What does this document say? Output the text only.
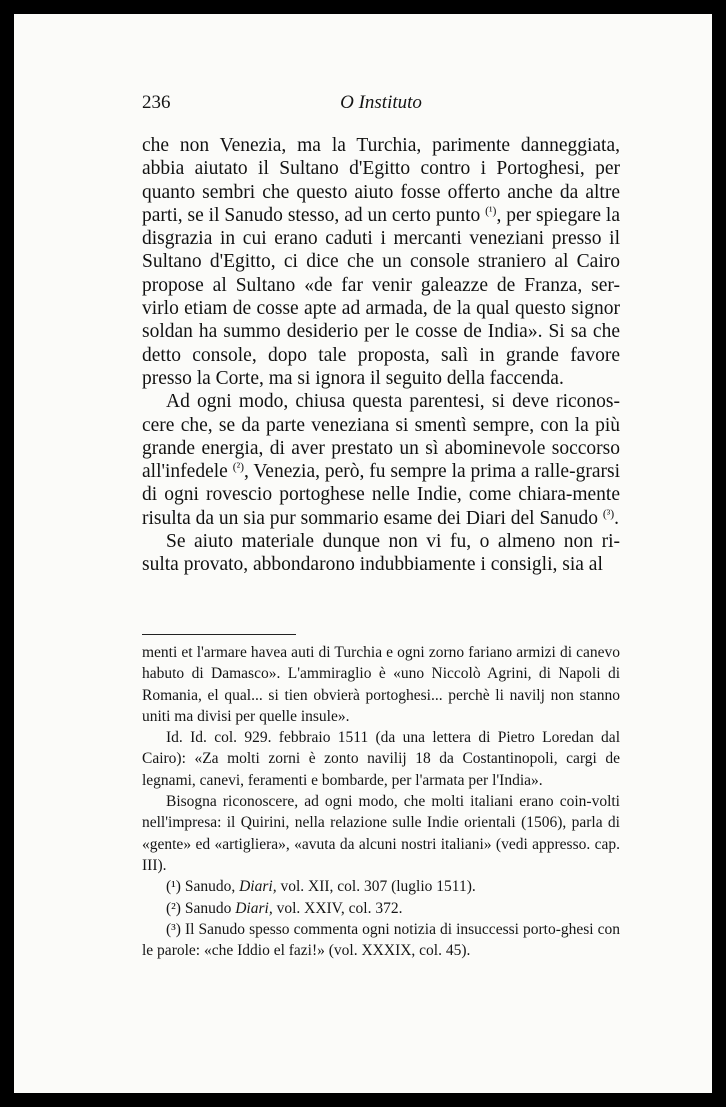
236	O Instituto

che non Venezia, ma la Turchia, parimente danneggiata, abbia aiutato il Sultano d'Egitto contro i Portoghesi, per quanto sembri che questo aiuto fosse offerto anche da altre parti, se il Sanudo stesso, ad un certo punto $^{(^1)}$, per spiegare la disgrazia in cui erano caduti i mercanti veneziani presso il Sultano d'Egitto, ci dice che un console straniero al Cairo propose al Sultano «de far venir galeazze de Franza, ser-virlo etiam de cosse apte ad armada, de la qual questo signor soldan ha summo desiderio per le cosse de India». Si sa che detto console, dopo tale proposta, salì in grande favore presso la Corte, ma si ignora il seguito della faccenda.

Ad ogni modo, chiusa questa parentesi, si deve riconos-cere che, se da parte veneziana si smentì sempre, con la più grande energia, di aver prestato un sì abominevole soccorso all'infedele $^{(^2)}$, Venezia, però, fu sempre la prima a ralle-grarsi di ogni rovescio portoghese nelle Indie, come chiara-mente risulta da un sia pur sommario esame dei Diari del Sanudo $^{(^3)}$.

Se aiuto materiale dunque non vi fu, o almeno non ri-sulta provato, abbondarono indubbiamente i consigli, sia al

menti et l'armare havea auti di Turchia e ogni zorno fariano armizi di canevo habuto di Damasco». L'ammiraglio è «uno Niccolò Agrini, di Napoli di Romania, el qual... si tien obvierà portoghesi... perchè li navilj non stanno uniti ma divisi per quelle insule».

Id. Id. col. 929. febbraio 1511 (da una lettera di Pietro Loredan dal Cairo): «Za molti zorni è zonto navilij 18 da Costantinopoli, cargi de legnami, canevi, feramenti e bombarde, per l'armata per l'India».

Bisogna riconoscere, ad ogni modo, che molti italiani erano coin-volti nell'impresa: il Quirini, nella relazione sulle Indie orientali (1506), parla di «gente» ed «artigliera», «avuta da alcuni nostri italiani» (vedi appresso. cap. III).

(¹) Sanudo, Diari, vol. XII, col. 307 (luglio 1511).

(²) Sanudo Diari, vol. XXIV, col. 372.

(³) Il Sanudo spesso commenta ogni notizia di insuccessi porto-ghesi con le parole: «che Iddio el fazi!» (vol. XXXIX, col. 45).
